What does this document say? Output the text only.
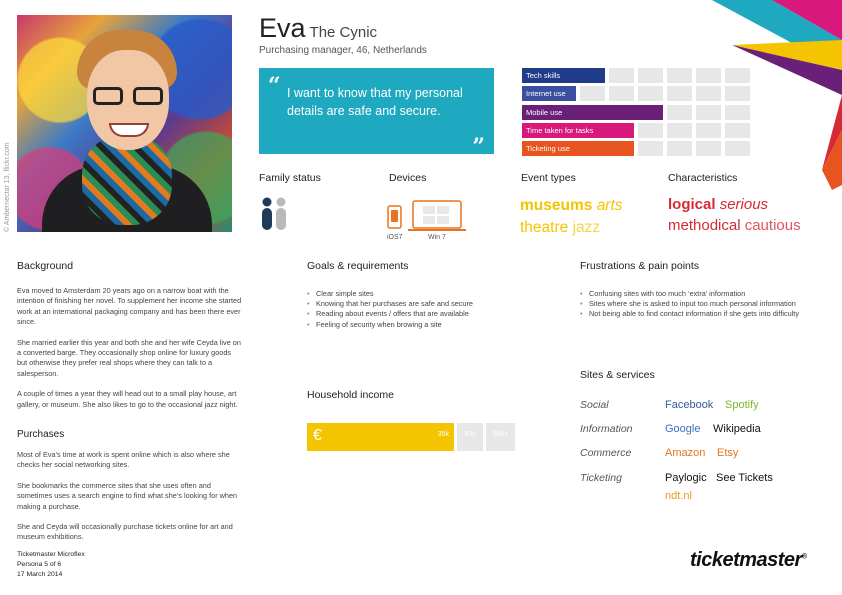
© Ambernectar 13, flickr.com
Eva The Cynic
Purchasing manager, 46, Netherlands
“ I want to know that my personal details are safe and secure.
”
Tech skills
Internet use
Mobile use
Time taken for tasks
Ticketing use
Family status	Devices	Event types	Characteristics
iOS7	Win 7
museums arts
theatre jazz
logical serious
methodical cautious
Background

Eva moved to Amsterdam 20 years ago on a narrow boat with the intention of finishing her novel. To supplement her income she started work at an international packaging company and has been there ever since.

She married earlier this year and both she and her wife Ceyda live on a converted barge. They occasionally shop online for luxury goods but otherwise they prefer real shops where they can talk to a salesperson.

A couple of times a year they will head out to a small play house, art gallery, or museum. She also likes to go to the occasional jazz night.

Purchases

Most of Eva’s time at work is spent online which is also where she checks her social networking sites.

She bookmarks the commerce sites that she uses often and sometimes uses a search engine to find what she’s looking for when making a purchase.

She and Ceyda will occasionally purchase tickets online for art and museum exhibitions.

Goals & requirements
• Clear simple sites
• Knowing that her purchases are safe and secure
• Reading about events / offers that are available
• Feeling of security when browing a site
Household income
€	35k	40k	50k+
Frustrations & pain points
• Confusing sites with too much ‘extra’ information
• Sites where she is asked to input too much personal information
• Not being able to find contact information if she gets into difficulty
Sites & services
Social	Facebook Spotify
Information	Google Wikipedia
Commerce	Amazon Etsy
Ticketing	Paylogic See Tickets
ndt.nl
Ticketmaster Microflex
Persona 5 of 6
17 March 2014
ticketmaster®
